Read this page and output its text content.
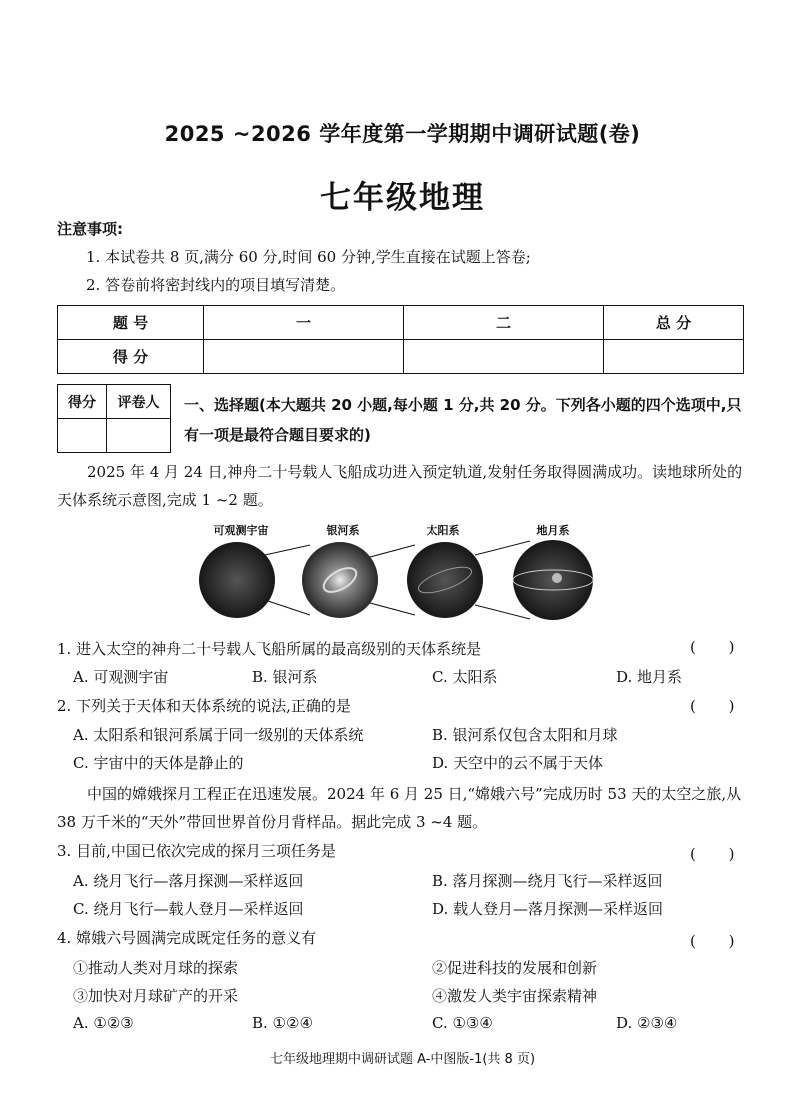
2025 ~2026 学年度第一学期期中调研试题(卷)
七年级地理
注意事项:
1. 本试卷共 8 页,满分 60 分,时间 60 分钟,学生直接在试题上答卷;
2. 答卷前将密封线内的项目填写清楚。
题 号	一	二	总 分
得 分			
得分	评卷人
	一、选择题(本大题共 20 小题,每小题 1 分,共 20 分。下列各小题的四个选项中,只有一项是最符合题目要求的)
2025 年 4 月 24 日,神舟二十号载人飞船成功进入预定轨道,发射任务取得圆满成功。读地球所处的天体系统示意图,完成 1 ~2 题。
可观测宇宙	银河系	太阳系	地月系
1. 进入太空的神舟二十号载人飞船所属的最高级别的天体系统是	( )
A. 可观测宇宙	B. 银河系	C. 太阳系	D. 地月系
2. 下列关于天体和天体系统的说法,正确的是	( )
A. 太阳系和银河系属于同一级别的天体系统	B. 银河系仅包含太阳和月球
C. 宇宙中的天体是静止的	D. 天空中的云不属于天体
中国的嫦娥探月工程正在迅速发展。2024 年 6 月 25 日,“嫦娥六号”完成历时 53 天的太空之旅,从 38 万千米的“天外”带回世界首份月背样品。据此完成 3 ~4 题。
3. 目前,中国已依次完成的探月三项任务是	( )
A. 绕月飞行—落月探测—采样返回	B. 落月探测—绕月飞行—采样返回
C. 绕月飞行—载人登月—采样返回	D. 载人登月—落月探测—采样返回
4. 嫦娥六号圆满完成既定任务的意义有	( )
①推动人类对月球的探索	②促进科技的发展和创新
③加快对月球矿产的开采	④激发人类宇宙探索精神
A. ①②③	B. ①②④	C. ①③④	D. ②③④
七年级地理期中调研试题 A-中图版-1(共 8 页)
